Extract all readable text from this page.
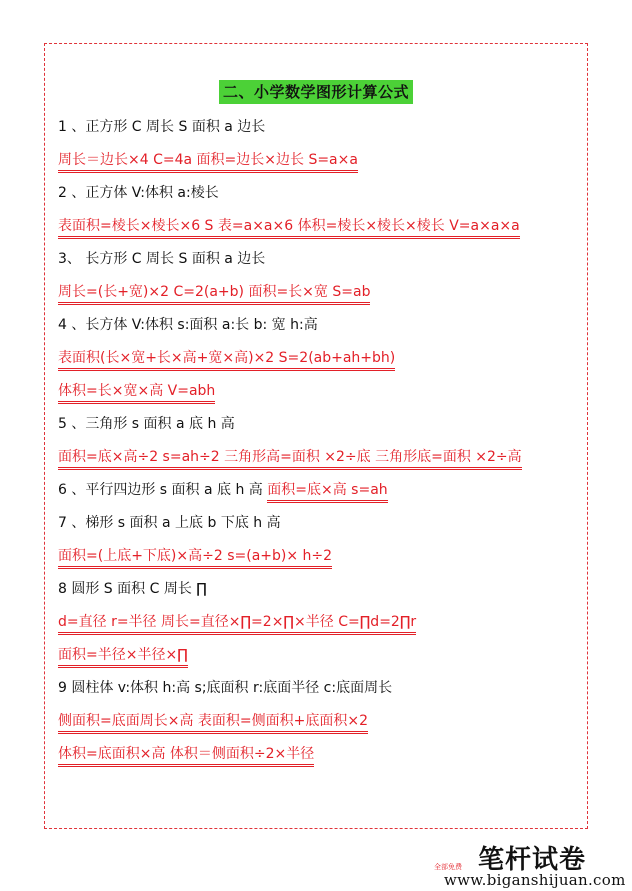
二、小学数学图形计算公式
1 、正方形 C 周长 S 面积 a 边长
周长＝边长×4 C=4a 面积=边长×边长 S=a×a
2 、正方体 V:体积 a:棱长
表面积=棱长×棱长×6 S 表=a×a×6 体积=棱长×棱长×棱长 V=a×a×a
3、 长方形 C 周长 S 面积 a 边长
周长=(长+宽)×2 C=2(a+b) 面积=长×宽 S=ab
4 、长方体 V:体积 s:面积 a:长 b: 宽 h:高
表面积(长×宽+长×高+宽×高)×2 S=2(ab+ah+bh)
体积=长×宽×高 V=abh
5 、三角形 s 面积 a 底 h 高
面积=底×高÷2 s=ah÷2 三角形高=面积 ×2÷底 三角形底=面积 ×2÷高
6 、平行四边形 s 面积 a 底 h 高 面积=底×高 s=ah
7 、梯形 s 面积 a 上底 b 下底 h 高
面积=(上底+下底)×高÷2 s=(a+b)× h÷2
8 圆形 S 面积 C 周长 ∏
d=直径 r=半径 周长=直径×∏=2×∏×半径 C=∏d=2∏r
面积=半径×半径×∏
9 圆柱体 v:体积 h:高 s;底面积 r:底面半径 c:底面周长
侧面积=底面周长×高 表面积=侧面积+底面积×2
体积=底面积×高 体积＝侧面积÷2×半径
笔杆试卷
全部免费
www.biganshijuan.com
